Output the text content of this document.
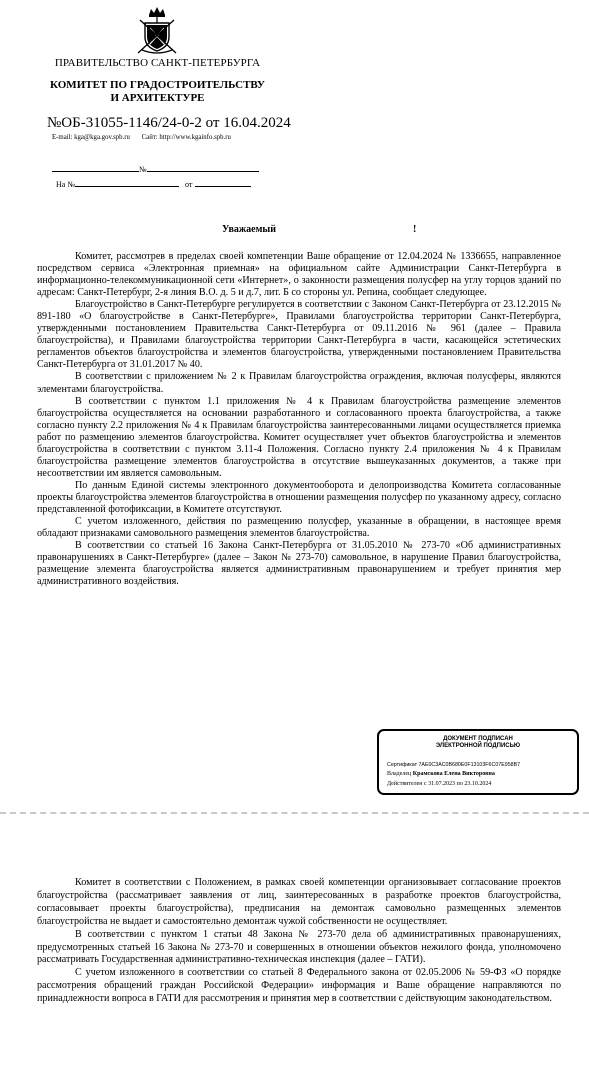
ПРАВИТЕЛЬСТВО САНКТ-ПЕТЕРБУРГА
КОМИТЕТ ПО ГРАДОСТРОИТЕЛЬСТВУ
И АРХИТЕКТУРЕ
№ОБ-31055-1146/24-0-2 от 16.04.2024
E-mail: kga@kga.gov.spb.ru Сайт: http://www.kgainfo.spb.ru
№
На №	от
Уважаемый	!

Комитет, рассмотрев в пределах своей компетенции Ваше обращение от 12.04.2024 № 1336655, направленное посредством сервиса «Электронная приемная» на официальном сайте Администрации Санкт-Петербурга в информационно-телекоммуникационной сети «Интернет», о законности размещения полусфер на углу торцов зданий по адресам: Санкт-Петербург, 2-я линия В.О. д. 5 и д.7, лит. Б со стороны ул. Репина, сообщает следующее.

Благоустройство в Санкт-Петербурге регулируется в соответствии с Законом Санкт-Петербурга от 23.12.2015 № 891-180 «О благоустройстве в Санкт-Петербурге», Правилами благоустройства территории Санкт-Петербурга, утвержденными постановлением Правительства Санкт-Петербурга от 09.11.2016 № 961 (далее – Правила благоустройства), и Правилами благоустройства территории Санкт-Петербурга в части, касающейся эстетических регламентов объектов благоустройства и элементов благоустройства, утвержденными постановлением Правительства Санкт-Петербурга от 31.01.2017 № 40.

В соответствии с приложением № 2 к Правилам благоустройства ограждения, включая полусферы, являются элементами благоустройства.

В соответствии с пунктом 1.1 приложения № 4 к Правилам благоустройства размещение элементов благоустройства осуществляется на основании разработанного и согласованного проекта благоустройства, а также согласно пункту 2.2 приложения № 4 к Правилам благоустройства заинтересованными лицами осуществляется приемка работ по размещению элементов благоустройства. Комитет осуществляет учет объектов благоустройства и элементов благоустройства в соответствии с пунктом 3.11-4 Положения. Согласно пункту 2.4 приложения № 4 к Правилам благоустройства размещение элементов благоустройства в отсутствие вышеуказанных документов, а также при несоответствии им является самовольным.

По данным Единой системы электронного документооборота и делопроизводства Комитета согласованные проекты благоустройства элементов благоустройства в отношении размещения полусфер по указанному адресу, согласно представленной фотофиксации, в Комитете отсутствуют.

С учетом изложенного, действия по размещению полусфер, указанные в обращении, в настоящее время обладают признаками самовольного размещения элементов благоустройства.

В соответствии со статьей 16 Закона Санкт-Петербурга от 31.05.2010 № 273-70 «Об административных правонарушениях в Санкт-Петербурге» (далее – Закон № 273-70) самовольное, в нарушение Правил благоустройства, размещение элемента благоустройства является административным правонарушением и требует принятия мер административного воздействия.

ДОКУМЕНТ ПОДПИСАН
ЭЛЕКТРОННОЙ ПОДПИСЬЮ
Сертификат 7AE0C3AC0B680E0F13103F6C07E958B7
Владелец Крамскова Елена Викторовна
Действителен с 31.07.2023 по 23.10.2024

Комитет в соответствии с Положением, в рамках своей компетенции организовывает согласование проектов благоустройства (рассматривает заявления от лиц, заинтересованных в разработке проектов благоустройства, согласовывает проекты благоустройства), предписания на демонтаж самовольно размещенных элементов благоустройства не выдает и самостоятельно демонтаж чужой собственности не осуществляет.

В соответствии с пунктом 1 статьи 48 Закона № 273-70 дела об административных правонарушениях, предусмотренных статьей 16 Закона № 273-70 и совершенных в отношении объектов нежилого фонда, уполномочено рассматривать Государственная административно-техническая инспекция (далее – ГАТИ).

С учетом изложенного в соответствии со статьей 8 Федерального закона от 02.05.2006 № 59-ФЗ «О порядке рассмотрения обращений граждан Российской Федерации» информация и Ваше обращение направляются по принадлежности вопроса в ГАТИ для рассмотрения и принятия мер в соответствии с действующим законодательством.
